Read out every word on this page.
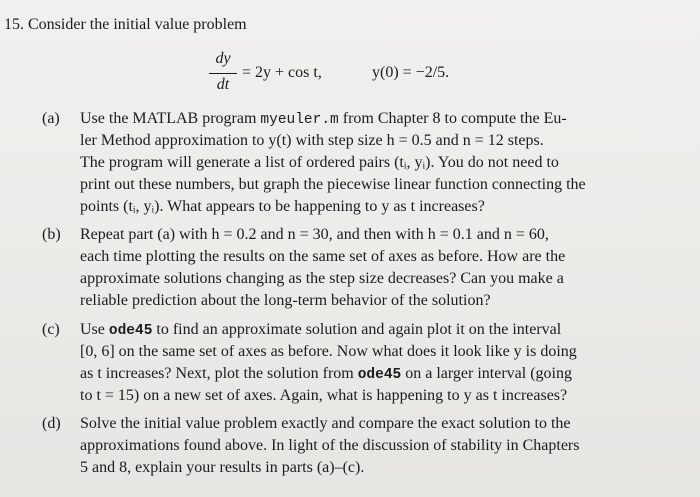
15. Consider the initial value problem
dy
dt
= 2y + cos t,	y(0) = −2/5.
(a) Use the MATLAB program myeuler.m from Chapter 8 to compute the Eu-
ler Method approximation to y(t) with step size h = 0.5 and n = 12 steps.
The program will generate a list of ordered pairs (tᵢ, yᵢ). You do not need to
print out these numbers, but graph the piecewise linear function connecting the
points (tᵢ, yᵢ). What appears to be happening to y as t increases?
(b) Repeat part (a) with h = 0.2 and n = 30, and then with h = 0.1 and n = 60,
each time plotting the results on the same set of axes as before. How are the
approximate solutions changing as the step size decreases? Can you make a
reliable prediction about the long-term behavior of the solution?
(c) Use ode45 to find an approximate solution and again plot it on the interval
[0, 6] on the same set of axes as before. Now what does it look like y is doing
as t increases? Next, plot the solution from ode45 on a larger interval (going
to t = 15) on a new set of axes. Again, what is happening to y as t increases?
(d) Solve the initial value problem exactly and compare the exact solution to the
approximations found above. In light of the discussion of stability in Chapters
5 and 8, explain your results in parts (a)–(c).
